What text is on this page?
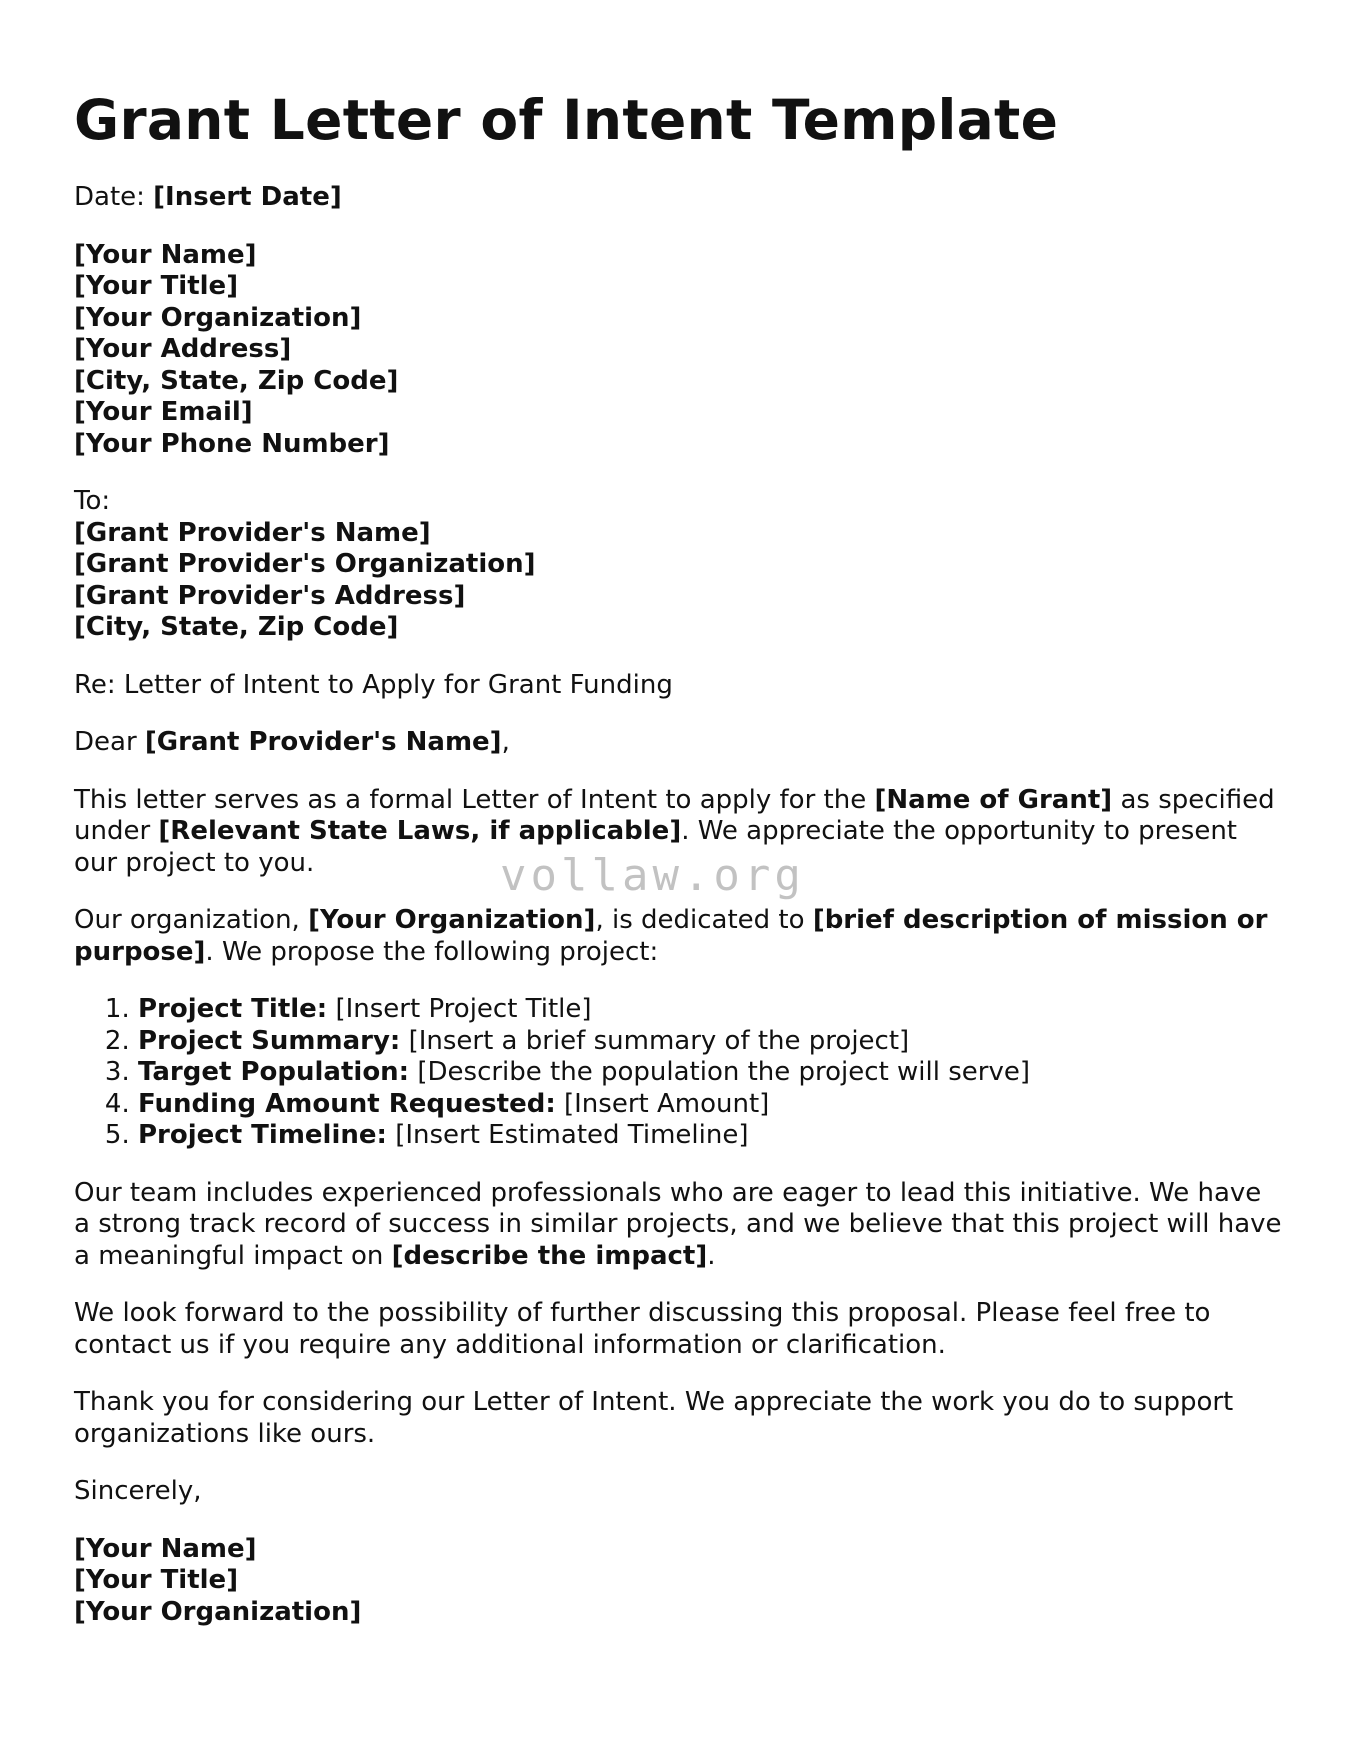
Grant Letter of Intent Template

Date: [Insert Date]

[Your Name]
[Your Title]
[Your Organization]
[Your Address]
[City, State, Zip Code]
[Your Email]
[Your Phone Number]

To:
[Grant Provider's Name]
[Grant Provider's Organization]
[Grant Provider's Address]
[City, State, Zip Code]

Re: Letter of Intent to Apply for Grant Funding

Dear [Grant Provider's Name],

This letter serves as a formal Letter of Intent to apply for the [Name of Grant] as specified under [Relevant State Laws, if applicable]. We appreciate the opportunity to present our project to you.

Our organization, [Your Organization], is dedicated to [brief description of mission or purpose]. We propose the following project:

1. Project Title: [Insert Project Title]
2. Project Summary: [Insert a brief summary of the project]
3. Target Population: [Describe the population the project will serve]
4. Funding Amount Requested: [Insert Amount]
5. Project Timeline: [Insert Estimated Timeline]

Our team includes experienced professionals who are eager to lead this initiative. We have a strong track record of success in similar projects, and we believe that this project will have a meaningful impact on [describe the impact].

We look forward to the possibility of further discussing this proposal. Please feel free to contact us if you require any additional information or clarification.

Thank you for considering our Letter of Intent. We appreciate the work you do to support organizations like ours.

Sincerely,

[Your Name]
[Your Title]
[Your Organization]

vollaw.org
